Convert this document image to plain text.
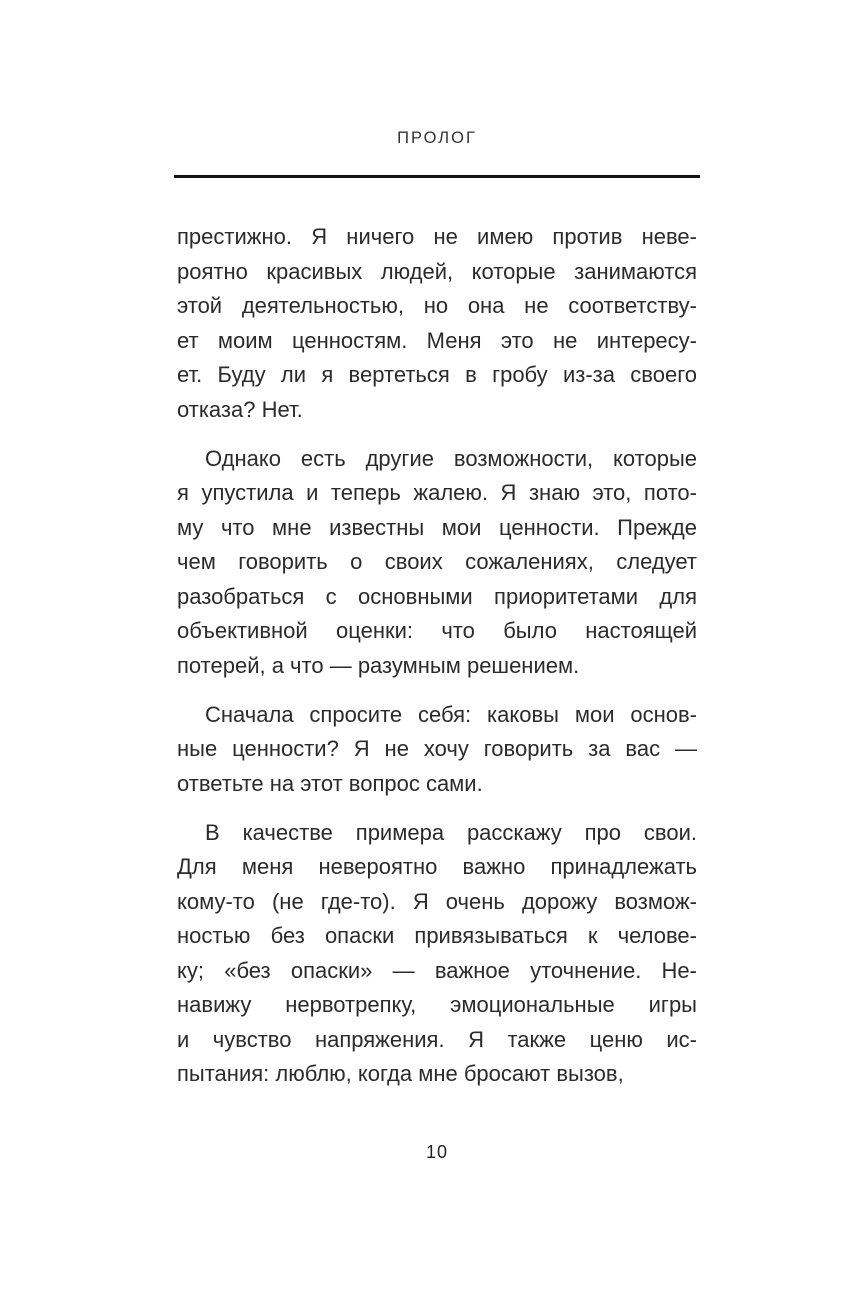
ПРОЛОГ
престижно. Я ничего не имею против неве-
роятно красивых людей, которые занимаются
этой деятельностью, но она не соответству-
ет моим ценностям. Меня это не интересу-
ет. Буду ли я вертеться в гробу из-за своего
отказа? Нет.
Однако есть другие возможности, которые
я упустила и теперь жалею. Я знаю это, пото-
му что мне известны мои ценности. Прежде
чем говорить о своих сожалениях, следует
разобраться с основными приоритетами для
объективной оценки: что было настоящей
потерей, а что — разумным решением.
Сначала спросите себя: каковы мои основ-
ные ценности? Я не хочу говорить за вас —
ответьте на этот вопрос сами.
В качестве примера расскажу про свои.
Для меня невероятно важно принадлежать
кому-то (не где-то). Я очень дорожу возмож-
ностью без опаски привязываться к челове-
ку; «без опаски» — важное уточнение. Не-
навижу нервотрепку, эмоциональные игры
и чувство напряжения. Я также ценю ис-
пытания: люблю, когда мне бросают вызов,
10
